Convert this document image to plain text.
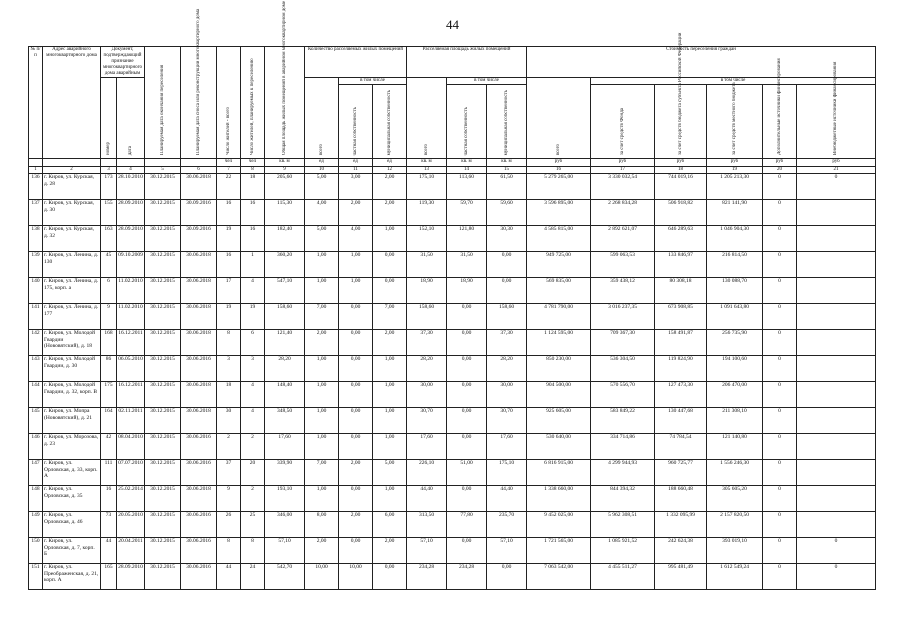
44
№ п/п	Адрес аварийного многоквартирного дома	Документ, подтверждающий признание многоквартирного дома аварийным		Планируемая дата окончания переселения	Планируемая дата сноса или реконструкции многоквартирного дома	Число жителей - всего	Число жителей, планируемых к переселению	Общая площадь жилых помещений в аварийном многоквартирном доме	Количество расселяемых жилых помещений			Расселяемая площадь жилых помещений			Стоимость переселения граждан					
		номер	дата						всего	в том числе		всего	в том числе		всего	в том числе				
										частная собственность	муниципальная собственность		частная собственность	муниципальная собственность		за счет средств Фонда	за счет средств бюджета субъекта Российской Федерации	за счет средств местного бюджета	Дополнительные источники финансирования	Внебюджетные источники финансирования
						чел	чел	кв. м	ед	ед	ед	кв. м	кв. м	кв. м	руб	руб	руб	руб	руб	руб
1	2	3	4	5	6	7	8	9	10	11	12	13	14	15	16	17	18	19	20	21
136	г. Киров, ул. Курская, д. 28	173	28.10.2010	30.12.2015	30.06.2018	22	18	205,60	5,00	3,00	2,00	175,10	113,60	61,50	5 279 265,00	3 330 032,54	744 019,16	1 205 213,30	0	0
137	г. Киров, ул. Курская, д. 30	155	28.09.2010	30.12.2015	30.09.2016	16	16	115,30	4,00	2,00	2,00	119,30	59,70	59,60	3 596 895,00	2 268 834,28	506 918,82	821 141,90	0	
138	г. Киров, ул. Курская, д. 32	163	28.09.2010	30.12.2015	30.09.2016	19	16	182,40	5,00	4,00	1,00	152,10	121,80	30,30	4 585 815,00	2 892 621,07	646 289,63	1 046 904,30	0	
139	г. Киров, ул. Ленина, д. 130	45	09.10.2009	30.12.2015	30.06.2018	16	1	360,20	1,00	1,00	0,00	31,50	31,50	0,00	949 725,00	599 063,53	133 846,97	216 814,50	0	
140	г. Киров, ул. Ленина, д. 175, корп. а	6	11.02.2010	30.12.2015	30.06.2018	17	4	547,10	1,00	1,00	0,00	18,90	18,90	0,00	569 835,00	359 438,12	80 308,18	130 088,70	0	
141	г. Киров, ул. Ленина, д. 177	9	11.02.2010	30.12.2015	30.06.2018	19	19	158,60	7,00	0,00	7,00	158,60	0,00	158,60	4 781 790,00	3 016 237,35	673 908,85	1 091 643,80	0	
142	г. Киров, ул. Молодой Гвардии (Нововятский), д. 18	168	16.12.2011	30.12.2015	30.06.2018	8	6	121,40	2,00	0,00	2,00	37,30	0,00	37,30	1 124 595,00	709 367,30	158 491,87	256 735,90	0	
143	г. Киров, ул. Молодой Гвардии, д. 30	86	06.05.2010	30.12.2015	30.06.2016	3	3	28,20	1,00	0,00	1,00	28,20	0,00	28,20	850 230,00	536 304,50	119 824,90	194 100,60	0	
144	г. Киров, ул. Молодой Гвардии, д. 32, корп. В	175	16.12.2011	30.12.2015	30.06.2018	18	4	148,40	1,00	0,00	1,00	30,00	0,00	30,00	904 500,00	570 556,70	127 473,30	206 470,00	0	
145	г. Киров, ул. Мопра (Нововятский), д. 21	164	02.11.2011	30.12.2015	30.06.2018	30	4	348,50	1,00	0,00	1,00	30,70	0,00	30,70	925 605,00	583 849,22	130 447,68	211 308,10	0	
146	г. Киров, ул. Морозова, д. 23	42	08.04.2010	30.12.2015	30.06.2016	2	2	17,60	1,00	0,00	1,00	17,60	0,00	17,60	530 640,00	334 714,86	74 784,54	121 140,80	0	
147	г. Киров, ул. Орловская, д. 33, корп. А	111	07.07.2010	30.12.2015	30.06.2016	37	20	339,90	7,00	2,00	5,00	226,10	51,00	175,10	6 816 915,00	4 299 944,93	960 725,77	1 556 246,30	0	
148	г. Киров, ул. Орловская, д. 35	16	25.02.2014	30.12.2015	30.06.2018	9	2	193,10	1,00	0,00	1,00	44,40	0,00	44,40	1 338 660,00	844 394,32	188 660,48	305 605,20	0	
149	г. Киров, ул. Орловская, д. 46	73	20.05.2010	30.12.2015	30.06.2016	26	25	346,00	8,00	2,00	6,00	313,50	77,80	235,70	9 452 025,00	5 962 308,51	1 332 095,99	2 157 820,50	0	
150	г. Киров, ул. Орловская, д. 7, корп. Б	44	20.04.2011	30.12.2015	30.06.2016	8	8	57,10	2,00	0,00	2,00	57,10	0,00	57,10	1 721 565,00	1 085 921,52	242 624,38	393 019,10	0	0
151	г. Киров, ул. Преображенская, д. 21, корп. А	165	28.09.2010	30.12.2015	30.06.2016	44	24	542,70	10,00	10,00	0,00	234,28	234,28	0,00	7 063 542,00	4 455 511,27	995 481,49	1 612 549,24	0	0
